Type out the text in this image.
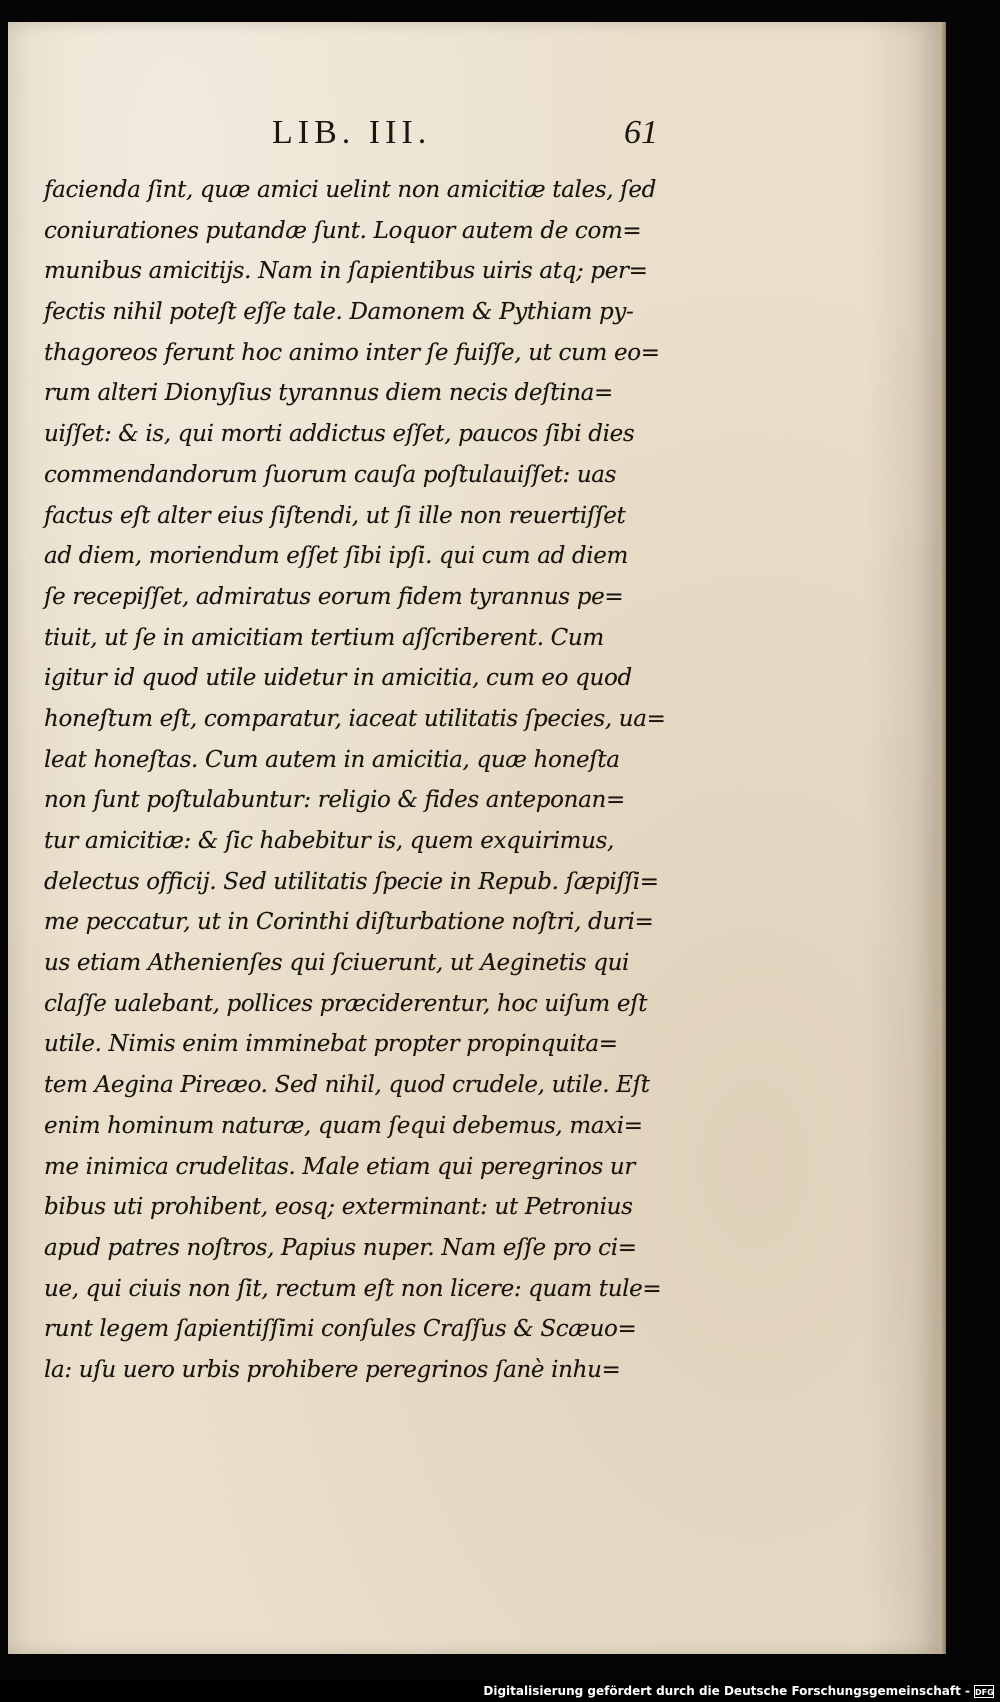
LIB. III.	61
facienda ſint, quæ amici uelint non amicitiæ tales, ſed
coniurationes putandæ ſunt. Loquor autem de com=
munibus amicitijs. Nam in ſapientibus uiris atq; per=
fectis nihil poteſt eſſe tale. Damonem & Pythiam py-
thagoreos ferunt hoc animo inter ſe fuiſſe, ut cum eo=
rum alteri Dionyſius tyrannus diem necis deſtina=
uiſſet: & is, qui morti addictus eſſet, paucos ſibi dies
commendandorum ſuorum cauſa poſtulauiſſet: uas
factus eſt alter eius ſiſtendi, ut ſi ille non reuertiſſet
ad diem, moriendum eſſet ſibi ipſi. qui cum ad diem
ſe recepiſſet, admiratus eorum fidem tyrannus pe=
tiuit, ut ſe in amicitiam tertium aſſcriberent. Cum
igitur id quod utile uidetur in amicitia, cum eo quod
honeſtum eſt, comparatur, iaceat utilitatis ſpecies, ua=
leat honeſtas. Cum autem in amicitia, quæ honeſta
non ſunt poſtulabuntur: religio & fides anteponan=
tur amicitiæ: & ſic habebitur is, quem exquirimus,
delectus officij. Sed utilitatis ſpecie in Repub. ſæpiſſi=
me peccatur, ut in Corinthi diſturbatione noſtri, duri=
us etiam Athenienſes qui ſciuerunt, ut Aeginetis qui
claſſe ualebant, pollices præciderentur, hoc uiſum eſt
utile. Nimis enim imminebat propter propinquita=
tem Aegina Pireæo. Sed nihil, quod crudele, utile. Eſt
enim hominum naturæ, quam ſequi debemus, maxi=
me inimica crudelitas. Male etiam qui peregrinos ur
bibus uti prohibent, eosq; exterminant: ut Petronius
apud patres noſtros, Papius nuper. Nam eſſe pro ci=
ue, qui ciuis non ſit, rectum eſt non licere: quam tule=
runt legem ſapientiſſimi conſules Craſſus & Scæuo=
la: uſu uero urbis prohibere peregrinos ſanè inhu=
Digitalisierung gefördert durch die Deutsche Forschungsgemeinschaft - DFG
